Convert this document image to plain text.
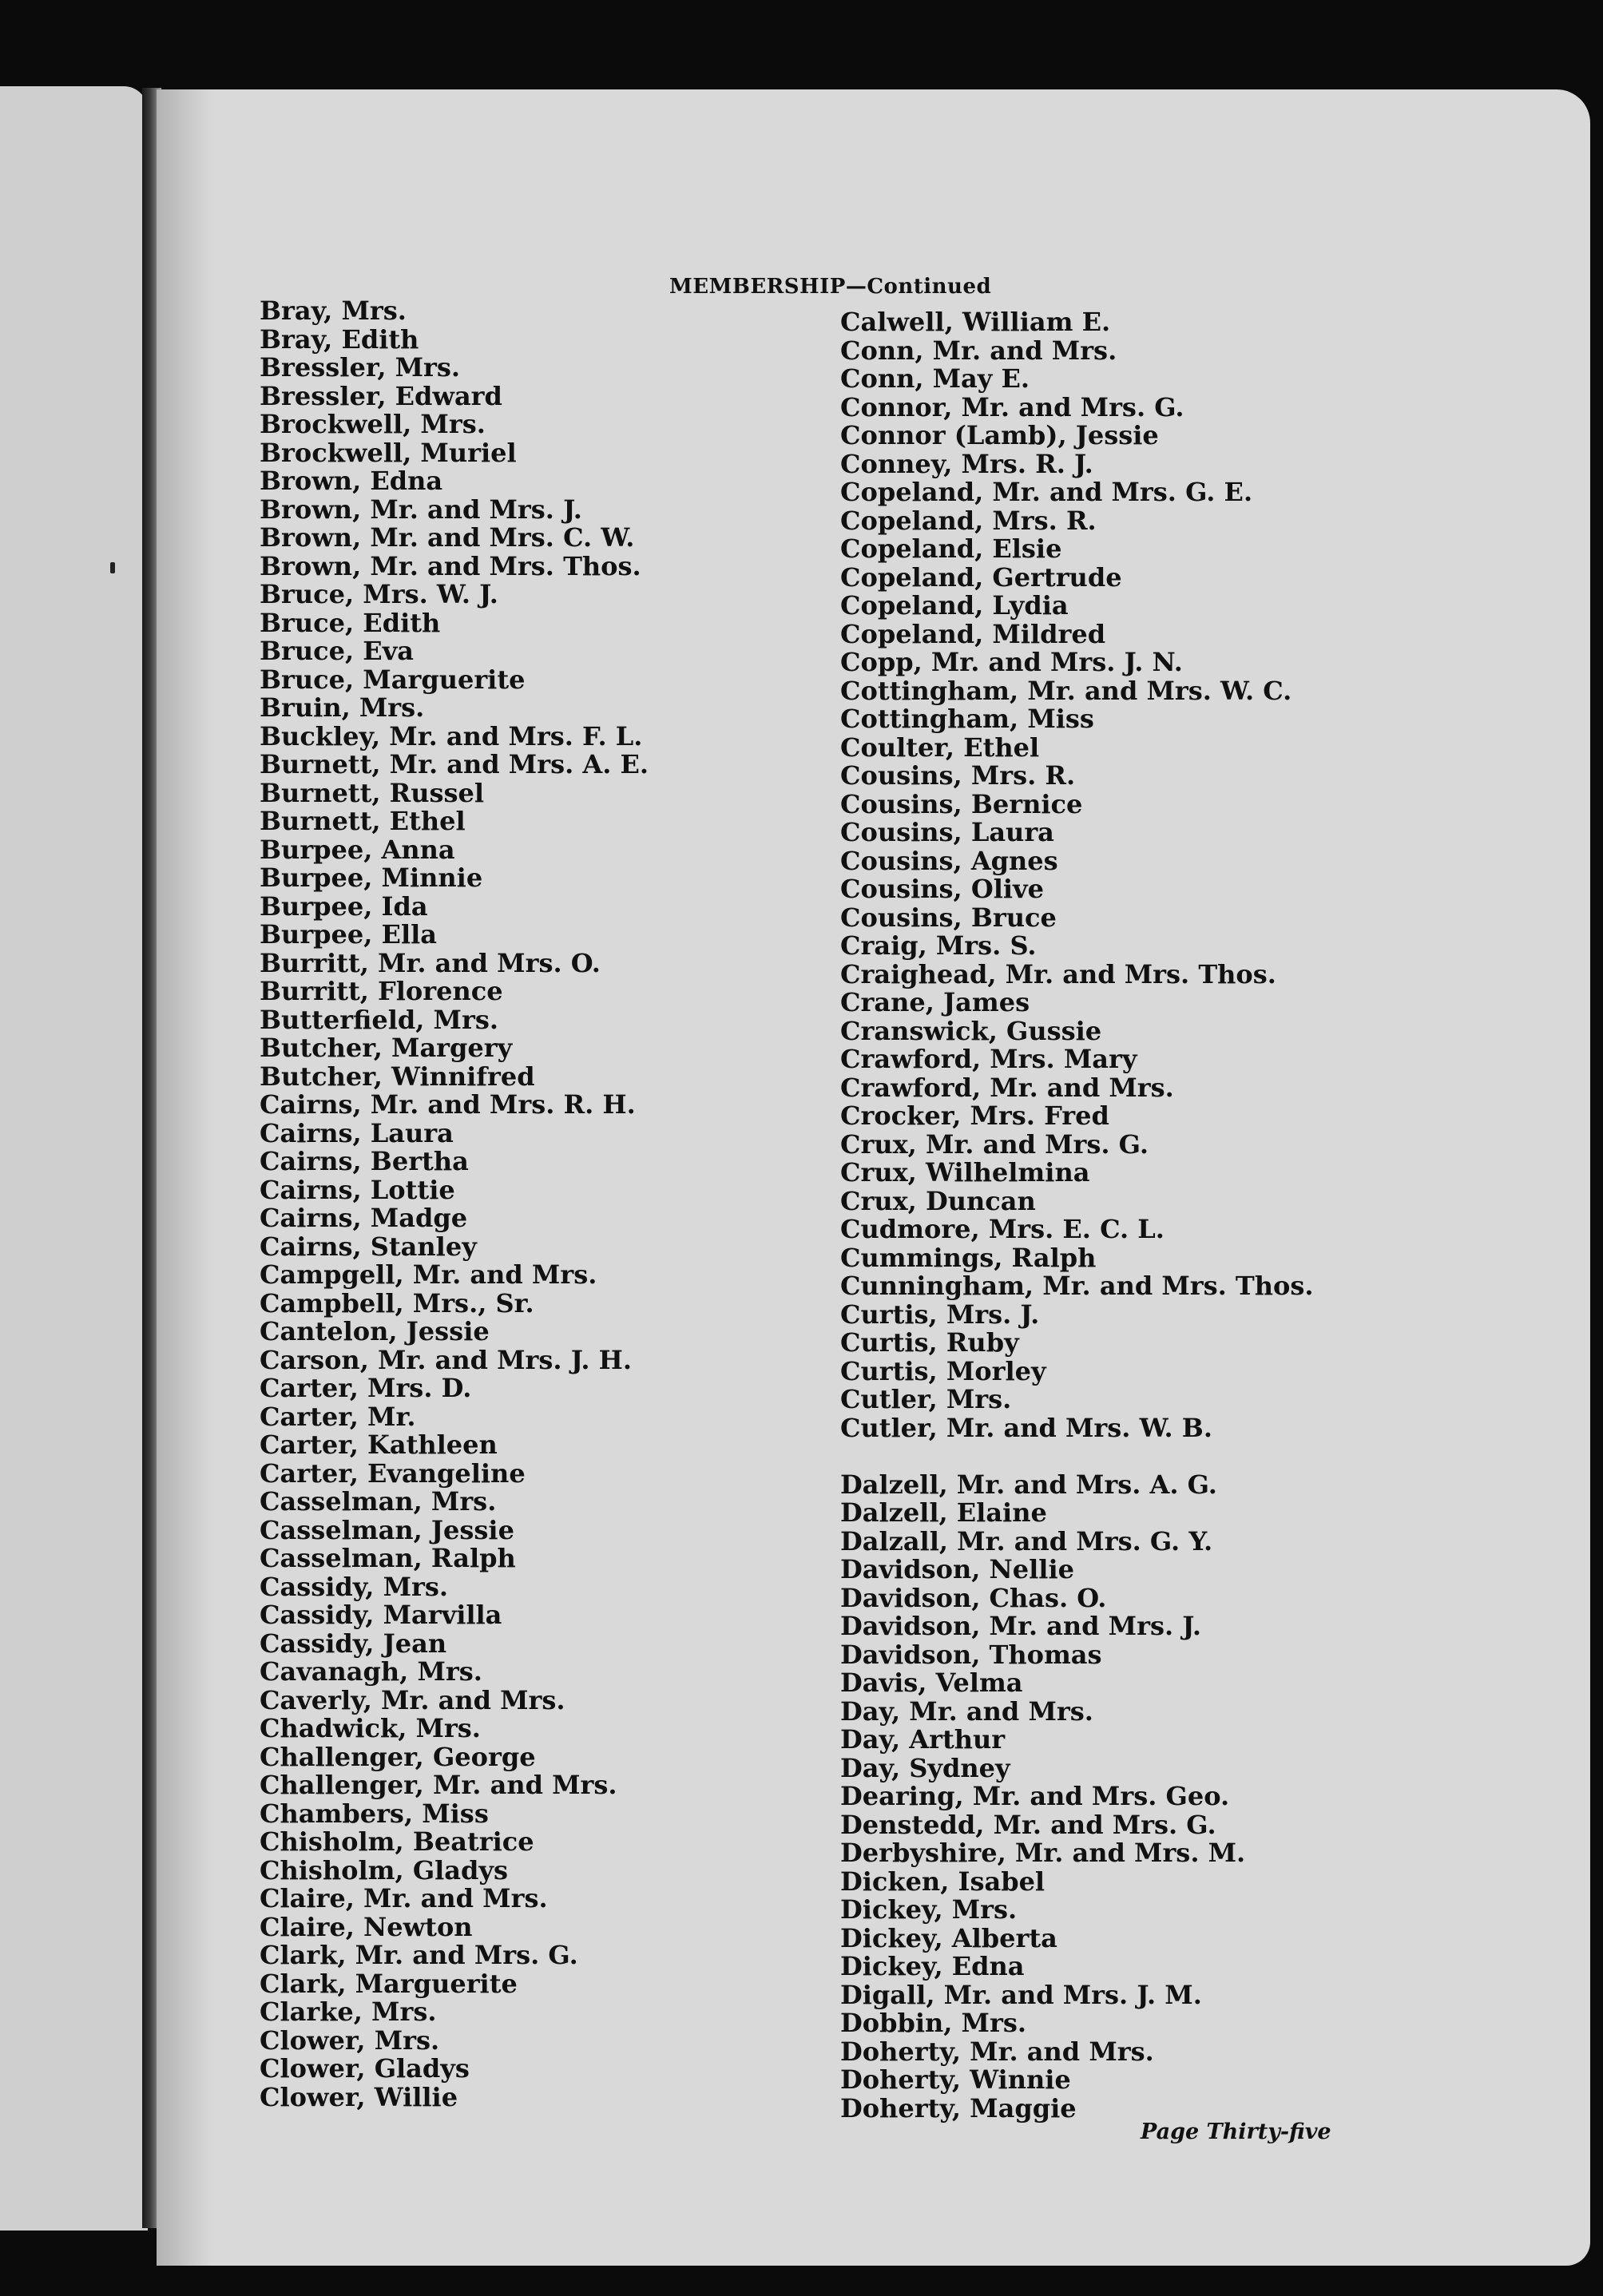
MEMBERSHIP—Continued
Bray, Mrs.
Bray, Edith
Bressler, Mrs.
Bressler, Edward
Brockwell, Mrs.
Brockwell, Muriel
Brown, Edna
Brown, Mr. and Mrs. J.
Brown, Mr. and Mrs. C. W.
Brown, Mr. and Mrs. Thos.
Bruce, Mrs. W. J.
Bruce, Edith
Bruce, Eva
Bruce, Marguerite
Bruin, Mrs.
Buckley, Mr. and Mrs. F. L.
Burnett, Mr. and Mrs. A. E.
Burnett, Russel
Burnett, Ethel
Burpee, Anna
Burpee, Minnie
Burpee, Ida
Burpee, Ella
Burritt, Mr. and Mrs. O.
Burritt, Florence
Butterfield, Mrs.
Butcher, Margery
Butcher, Winnifred
Cairns, Mr. and Mrs. R. H.
Cairns, Laura
Cairns, Bertha
Cairns, Lottie
Cairns, Madge
Cairns, Stanley
Campgell, Mr. and Mrs.
Campbell, Mrs., Sr.
Cantelon, Jessie
Carson, Mr. and Mrs. J. H.
Carter, Mrs. D.
Carter, Mr.
Carter, Kathleen
Carter, Evangeline
Casselman, Mrs.
Casselman, Jessie
Casselman, Ralph
Cassidy, Mrs.
Cassidy, Marvilla
Cassidy, Jean
Cavanagh, Mrs.
Caverly, Mr. and Mrs.
Chadwick, Mrs.
Challenger, George
Challenger, Mr. and Mrs.
Chambers, Miss
Chisholm, Beatrice
Chisholm, Gladys
Claire, Mr. and Mrs.
Claire, Newton
Clark, Mr. and Mrs. G.
Clark, Marguerite
Clarke, Mrs.
Clower, Mrs.
Clower, Gladys
Clower, Willie
Calwell, William E.
Conn, Mr. and Mrs.
Conn, May E.
Connor, Mr. and Mrs. G.
Connor (Lamb), Jessie
Conney, Mrs. R. J.
Copeland, Mr. and Mrs. G. E.
Copeland, Mrs. R.
Copeland, Elsie
Copeland, Gertrude
Copeland, Lydia
Copeland, Mildred
Copp, Mr. and Mrs. J. N.
Cottingham, Mr. and Mrs. W. C.
Cottingham, Miss
Coulter, Ethel
Cousins, Mrs. R.
Cousins, Bernice
Cousins, Laura
Cousins, Agnes
Cousins, Olive
Cousins, Bruce
Craig, Mrs. S.
Craighead, Mr. and Mrs. Thos.
Crane, James
Cranswick, Gussie
Crawford, Mrs. Mary
Crawford, Mr. and Mrs.
Crocker, Mrs. Fred
Crux, Mr. and Mrs. G.
Crux, Wilhelmina
Crux, Duncan
Cudmore, Mrs. E. C. L.
Cummings, Ralph
Cunningham, Mr. and Mrs. Thos.
Curtis, Mrs. J.
Curtis, Ruby
Curtis, Morley
Cutler, Mrs.
Cutler, Mr. and Mrs. W. B.
Dalzell, Mr. and Mrs. A. G.
Dalzell, Elaine
Dalzall, Mr. and Mrs. G. Y.
Davidson, Nellie
Davidson, Chas. O.
Davidson, Mr. and Mrs. J.
Davidson, Thomas
Davis, Velma
Day, Mr. and Mrs.
Day, Arthur
Day, Sydney
Dearing, Mr. and Mrs. Geo.
Denstedd, Mr. and Mrs. G.
Derbyshire, Mr. and Mrs. M.
Dicken, Isabel
Dickey, Mrs.
Dickey, Alberta
Dickey, Edna
Digall, Mr. and Mrs. J. M.
Dobbin, Mrs.
Doherty, Mr. and Mrs.
Doherty, Winnie
Doherty, Maggie
Page Thirty-five
